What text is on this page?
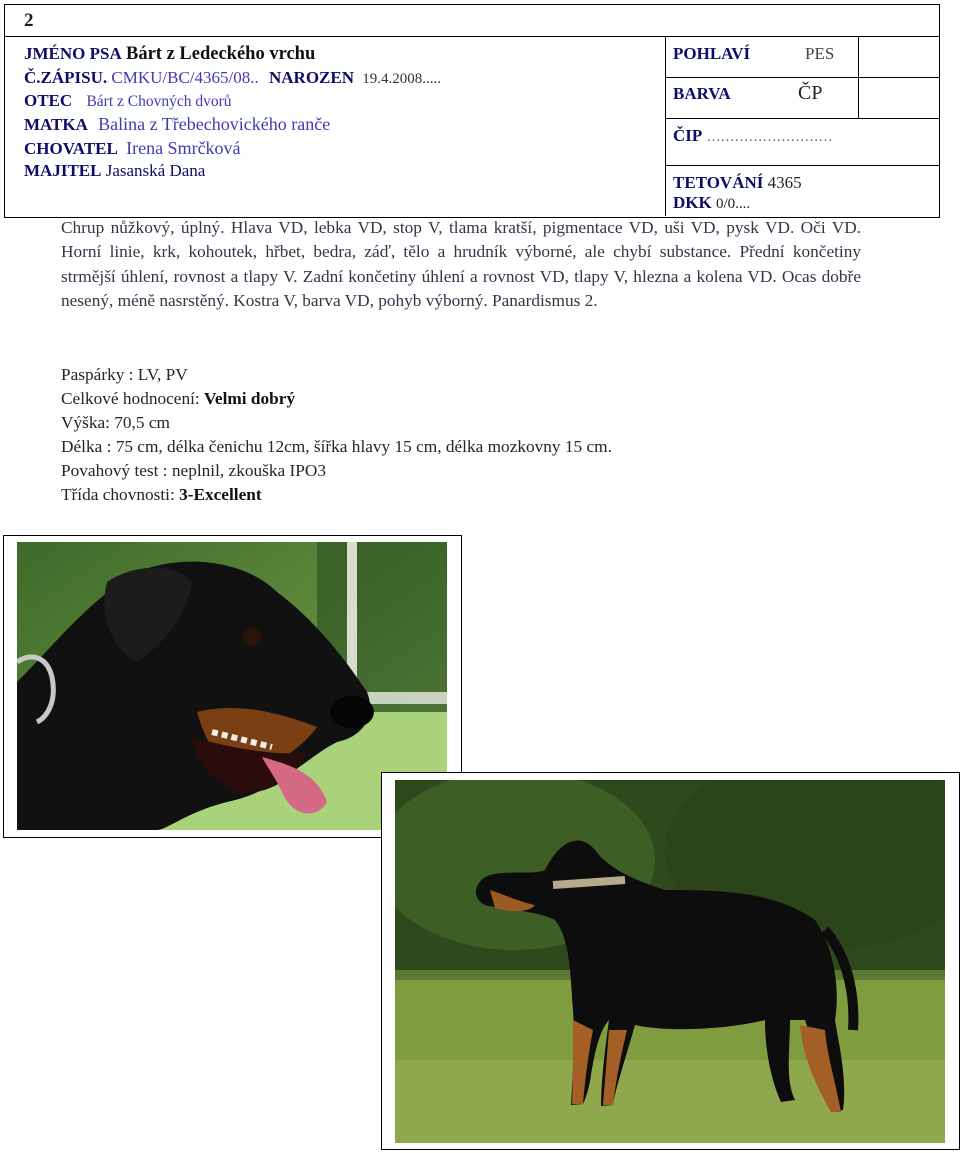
2
JMÉNO PSA Bárt z Ledeckého vrchu
Č.ZÁPISU. CMKU/BC/4365/08.. NAROZEN 19.4.2008.....
OTEC Bárt z Chovných dvorů
MATKA Balina z Třebechovického ranče
CHOVATEL Irena Smrčková
MAJITEL Jasanská Dana
POHLAVÍ	PES
BARVA	ČP
ČIP ………………………
TETOVÁNÍ 4365
DKK 0/0....
Chrup nůžkový, úplný. Hlava VD, lebka VD, stop V, tlama kratší, pigmentace VD, uši VD, pysk VD. Oči VD. Horní linie, krk, kohoutek, hřbet, bedra, záď, tělo a hrudník výborné, ale chybí substance. Přední končetiny strmější úhlení, rovnost a tlapy V. Zadní končetiny úhlení a rovnost VD, tlapy V, hlezna a kolena VD. Ocas dobře nesený, méně nasrstěný. Kostra V, barva VD, pohyb výborný. Panardismus 2.
Paspárky : LV, PV
Celkové hodnocení: Velmi dobrý
Výška: 70,5 cm
Délka : 75 cm, délka čenichu 12cm, šířka hlavy 15 cm, délka mozkovny 15 cm.
Povahový test : neplnil, zkouška IPO3
Třída chovnosti: 3-Excellent
